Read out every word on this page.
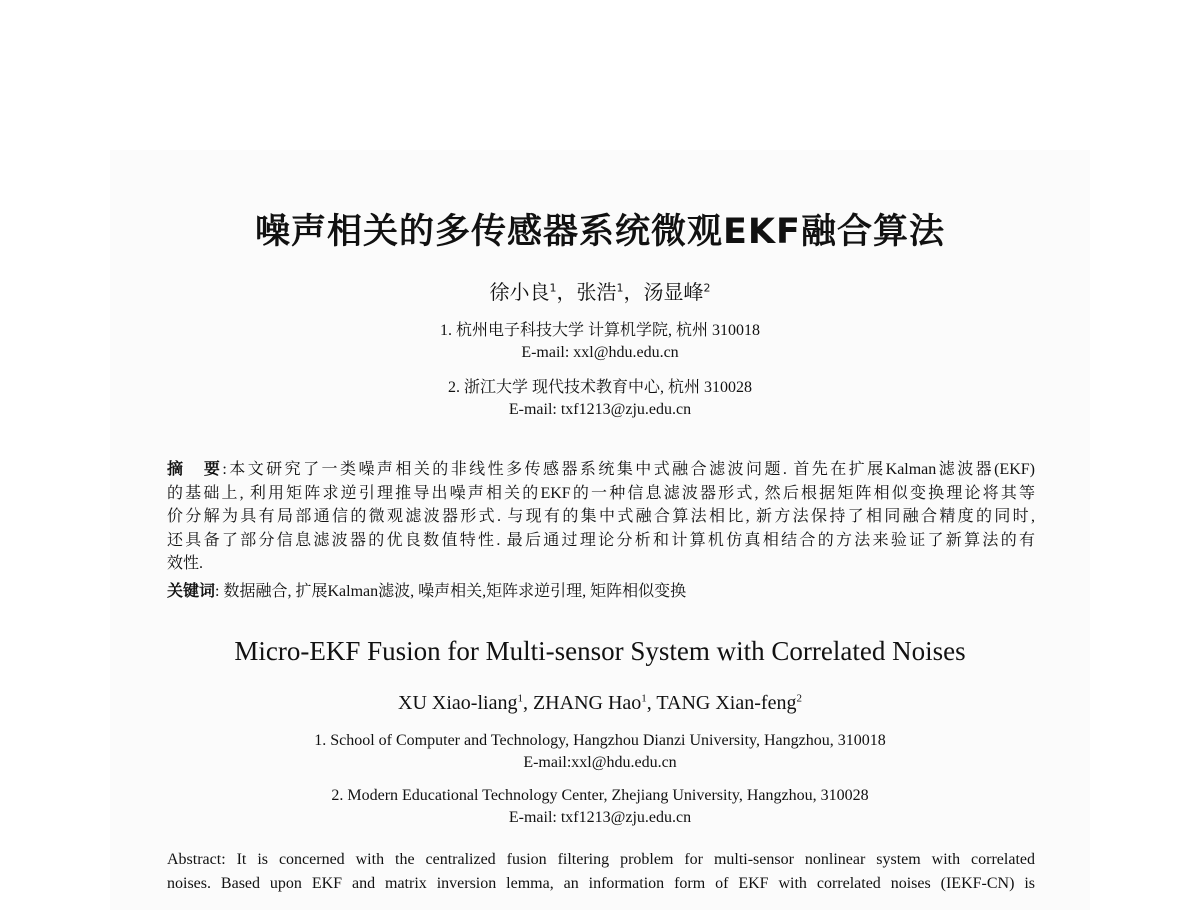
噪声相关的多传感器系统微观EKF融合算法
徐小良$^1$，张浩$^1$，汤显峰$^2$
1. 杭州电子科技大学 计算机学院, 杭州 310018
E-mail: xxl@hdu.edu.cn
2. 浙江大学 现代技术教育中心, 杭州 310028
E-mail: txf1213@zju.edu.cn
摘　要:本文研究了一类噪声相关的非线性多传感器系统集中式融合滤波问题. 首先在扩展Kalman滤波器(EKF)
的基础上, 利用矩阵求逆引理推导出噪声相关的EKF的一种信息滤波器形式, 然后根据矩阵相似变换理论将其等
价分解为具有局部通信的微观滤波器形式. 与现有的集中式融合算法相比, 新方法保持了相同融合精度的同时,
还具备了部分信息滤波器的优良数值特性. 最后通过理论分析和计算机仿真相结合的方法来验证了新算法的有
效性.
关键词: 数据融合, 扩展Kalman滤波, 噪声相关,矩阵求逆引理, 矩阵相似变换
Micro-EKF Fusion for Multi-sensor System with Correlated Noises
XU Xiao-liang$^1$, ZHANG Hao$^1$, TANG Xian-feng$^2$
1. School of Computer and Technology, Hangzhou Dianzi University, Hangzhou, 310018
E-mail:xxl@hdu.edu.cn
2. Modern Educational Technology Center, Zhejiang University, Hangzhou, 310028
E-mail: txf1213@zju.edu.cn
Abstract: It is concerned with the centralized fusion filtering problem for multi-sensor nonlinear system with correlated
noises. Based upon EKF and matrix inversion lemma, an information form of EKF with correlated noises (IEKF-CN) is
